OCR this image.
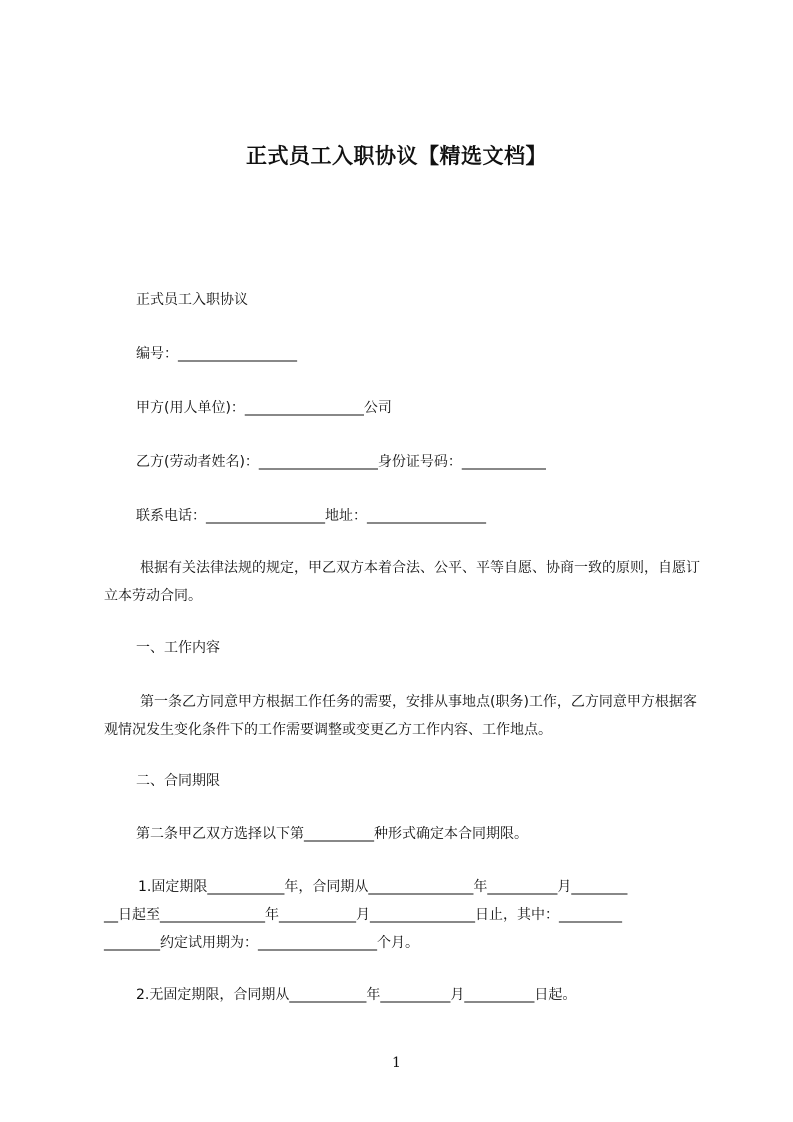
正式员工入职协议【精选文档】
正式员工入职协议
编号：_________________
甲方(用人单位)：_________________公司
乙方(劳动者姓名)：_________________身份证号码：____________
联系电话：_________________地址：_________________
根据有关法律法规的规定，甲乙双方本着合法、公平、平等自愿、协商一致的原则，自愿订立本劳动合同。
一、工作内容
第一条乙方同意甲方根据工作任务的需要，安排从事地点(职务)工作，乙方同意甲方根据客观情况发生变化条件下的工作需要调整或变更乙方工作内容、工作地点。
二、合同期限
第二条甲乙双方选择以下第__________种形式确定本合同期限。
1.固定期限___________年，合同期从_______________年__________月________
__日起至_______________年___________月_______________日止，其中：_________
________约定试用期为：_________________个月。
2.无固定期限，合同期从___________年__________月__________日起。
1
